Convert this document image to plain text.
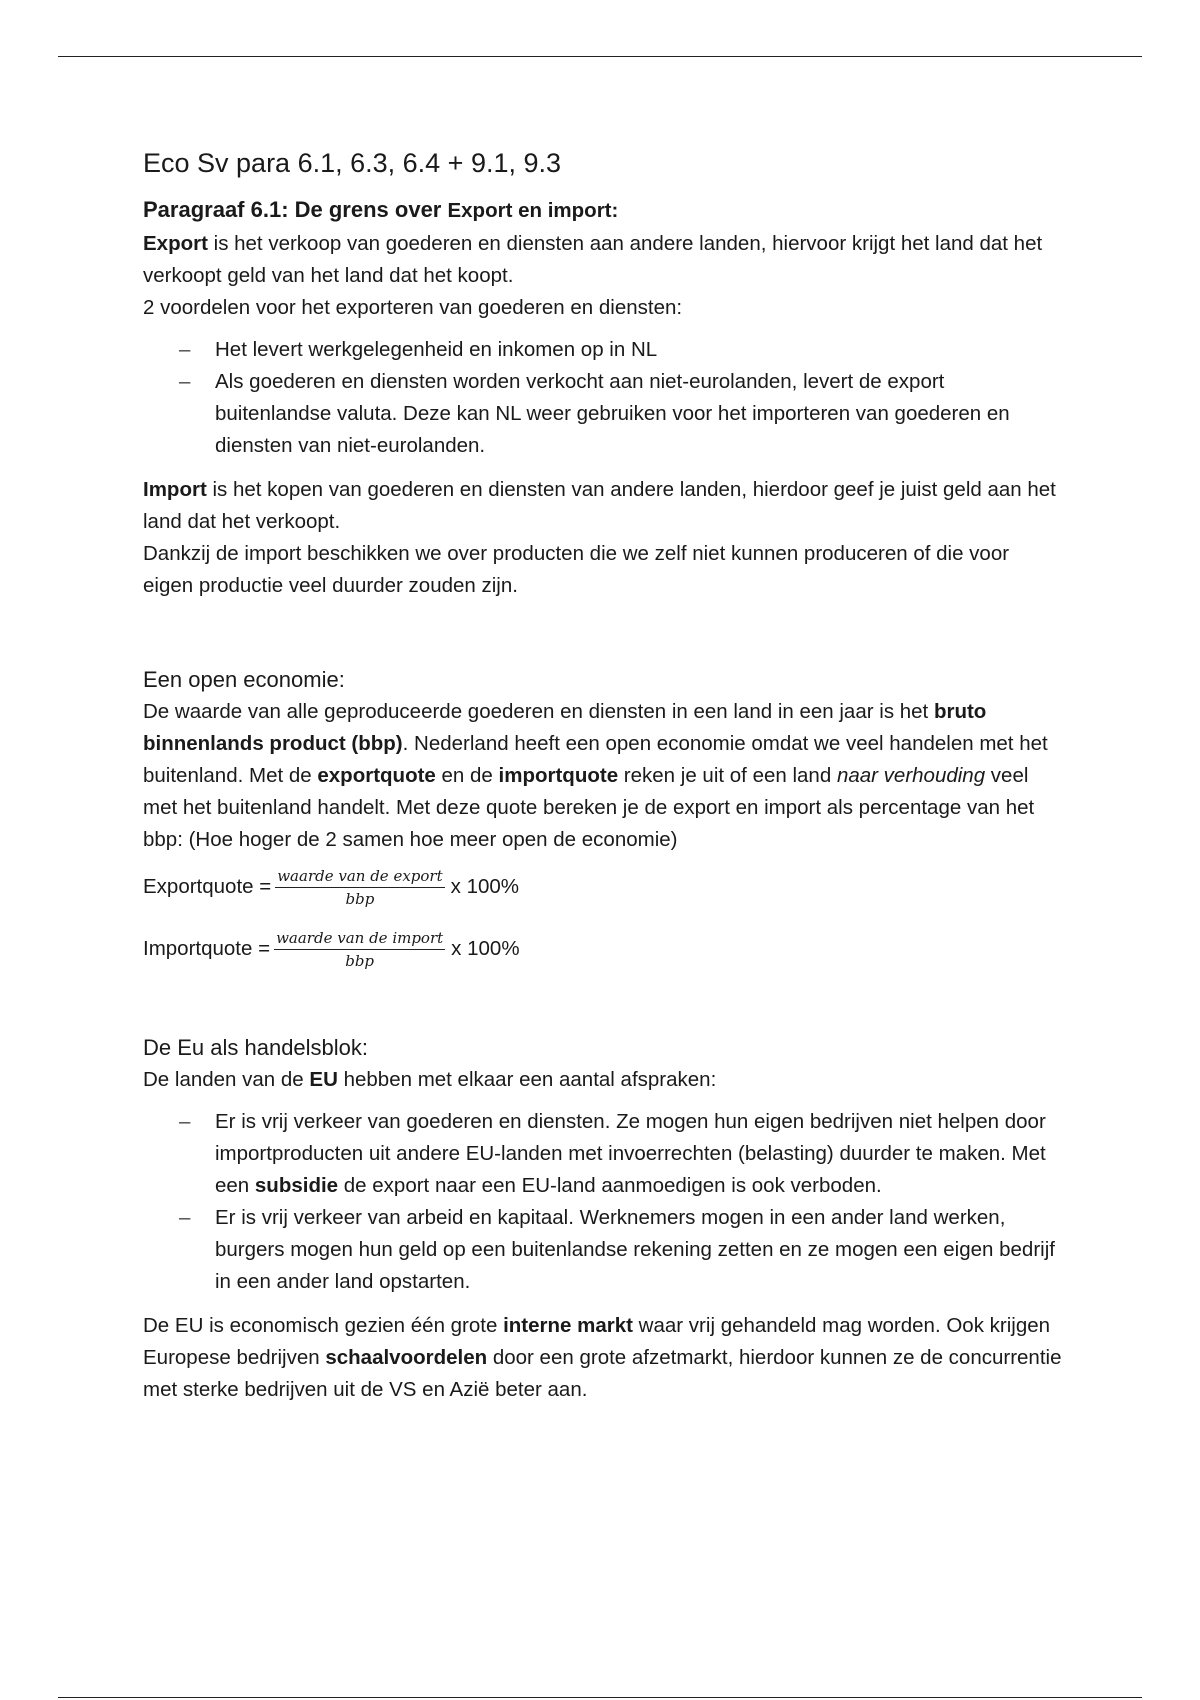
Eco Sv para 6.1, 6.3, 6.4 + 9.1, 9.3
Paragraaf 6.1: De grens over Export en import:

Export is het verkoop van goederen en diensten aan andere landen, hiervoor krijgt het land dat het verkoopt geld van het land dat het koopt.

2 voordelen voor het exporteren van goederen en diensten:

– Het levert werkgelegenheid en inkomen op in NL
– Als goederen en diensten worden verkocht aan niet-eurolanden, levert de export buitenlandse valuta. Deze kan NL weer gebruiken voor het importeren van goederen en diensten van niet-eurolanden.

Import is het kopen van goederen en diensten van andere landen, hierdoor geef je juist geld aan het land dat het verkoopt.

Dankzij de import beschikken we over producten die we zelf niet kunnen produceren of die voor eigen productie veel duurder zouden zijn.

Een open economie:

De waarde van alle geproduceerde goederen en diensten in een land in een jaar is het bruto binnenlands product (bbp). Nederland heeft een open economie omdat we veel handelen met het buitenland. Met de exportquote en de importquote reken je uit of een land naar verhouding veel met het buitenland handelt. Met deze quote bereken je de export en import als percentage van het bbp: (Hoe hoger de 2 samen hoe meer open de economie)

Exportquote = $\frac{\text{waarde van de export}}{\text{bbp}}$ x 100%
Importquote = $\frac{\text{waarde van de import}}{\text{bbp}}$ x 100%
De Eu als handelsblok:

De landen van de EU hebben met elkaar een aantal afspraken:

– Er is vrij verkeer van goederen en diensten. Ze mogen hun eigen bedrijven niet helpen door importproducten uit andere EU-landen met invoerrechten (belasting) duurder te maken. Met een subsidie de export naar een EU-land aanmoedigen is ook verboden.
– Er is vrij verkeer van arbeid en kapitaal. Werknemers mogen in een ander land werken, burgers mogen hun geld op een buitenlandse rekening zetten en ze mogen een eigen bedrijf in een ander land opstarten.

De EU is economisch gezien één grote interne markt waar vrij gehandeld mag worden. Ook krijgen Europese bedrijven schaalvoordelen door een grote afzetmarkt, hierdoor kunnen ze de concurrentie met sterke bedrijven uit de VS en Azië beter aan.
